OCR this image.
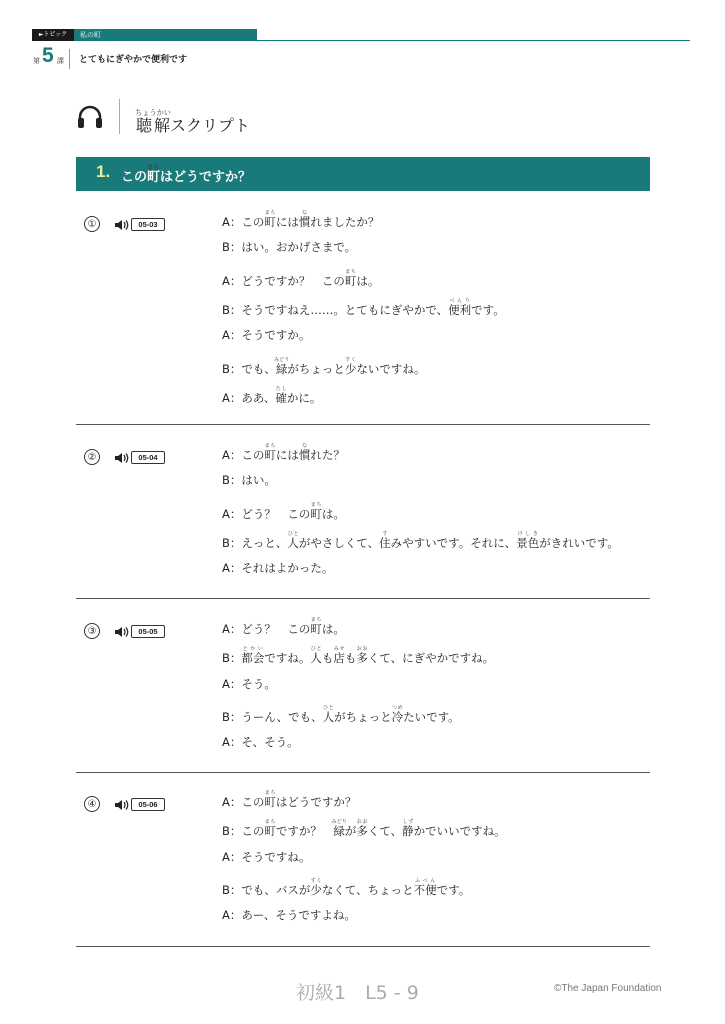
►トピック	私の町
第 5 課 とてもにぎやかで便利です
聴解ちょうかいスクリプト
1. この町まちはどうですか？
①	05-03	A：この町まちには慣なれましたか？
B：はい。おかげさまで。
A：どうですか？　この町まちは。
B：そうですねえ……。とてもにぎやかで、便利べんりです。
A：そうですか。
B：でも、緑みどりがちょっと少すくないですね。
A：ああ、確たしかに。
②	05-04	A：この町まちには慣なれた？
B：はい。
A：どう？　この町まちは。
B：えっと、人ひとがやさしくて、住すみやすいです。それに、景色けしきがきれいです。
A：それはよかった。
③	05-05	A：どう？　この町まちは。
B：都会とかいですね。人ひとも店みせも多おおくて、にぎやかですね。
A：そう。
B：うーん、でも、人ひとがちょっと冷つめたいです。
A：そ、そう。
④	05-06	A：この町まちはどうですか？
B：この町まちですか？　緑みどりが多おおくて、静しずかでいいですね。
A：そうですね。
B：でも、バスが少すくなくて、ちょっと不便ふべんです。
A：あー、そうですよね。
初級1　L5 - 9	©The Japan Foundation
